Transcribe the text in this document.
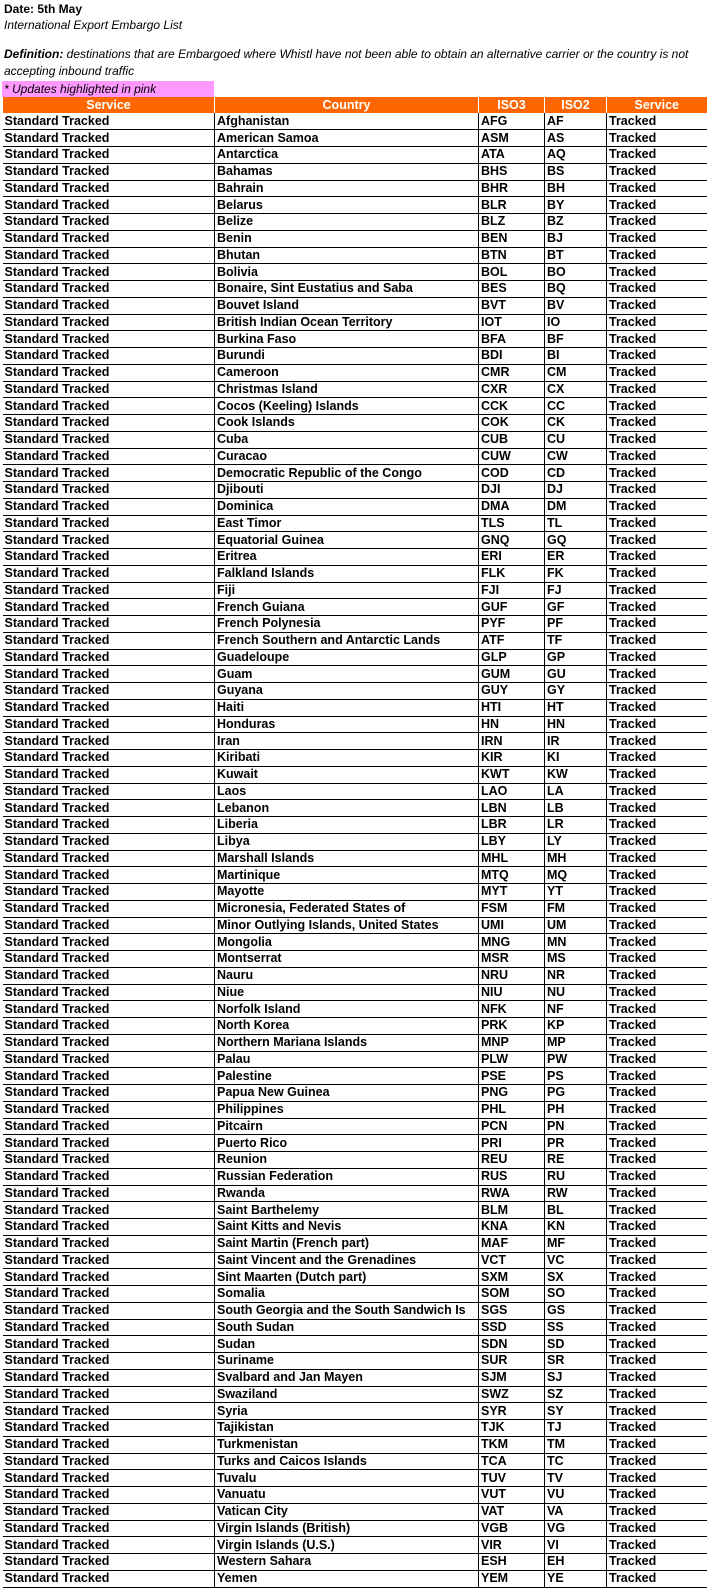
Date: 5th May
International Export Embargo List
Definition: destinations that are Embargoed where Whistl have not been able to obtain an alternative carrier or the country is not accepting inbound traffic
* Updates highlighted in pink
Service	Country	ISO3	ISO2	Service
Standard Tracked	Afghanistan	AFG	AF	Tracked
Standard Tracked	American Samoa	ASM	AS	Tracked
Standard Tracked	Antarctica	ATA	AQ	Tracked
Standard Tracked	Bahamas	BHS	BS	Tracked
Standard Tracked	Bahrain	BHR	BH	Tracked
Standard Tracked	Belarus	BLR	BY	Tracked
Standard Tracked	Belize	BLZ	BZ	Tracked
Standard Tracked	Benin	BEN	BJ	Tracked
Standard Tracked	Bhutan	BTN	BT	Tracked
Standard Tracked	Bolivia	BOL	BO	Tracked
Standard Tracked	Bonaire, Sint Eustatius and Saba	BES	BQ	Tracked
Standard Tracked	Bouvet Island	BVT	BV	Tracked
Standard Tracked	British Indian Ocean Territory	IOT	IO	Tracked
Standard Tracked	Burkina Faso	BFA	BF	Tracked
Standard Tracked	Burundi	BDI	BI	Tracked
Standard Tracked	Cameroon	CMR	CM	Tracked
Standard Tracked	Christmas Island	CXR	CX	Tracked
Standard Tracked	Cocos (Keeling) Islands	CCK	CC	Tracked
Standard Tracked	Cook Islands	COK	CK	Tracked
Standard Tracked	Cuba	CUB	CU	Tracked
Standard Tracked	Curacao	CUW	CW	Tracked
Standard Tracked	Democratic Republic of the Congo	COD	CD	Tracked
Standard Tracked	Djibouti	DJI	DJ	Tracked
Standard Tracked	Dominica	DMA	DM	Tracked
Standard Tracked	East Timor	TLS	TL	Tracked
Standard Tracked	Equatorial Guinea	GNQ	GQ	Tracked
Standard Tracked	Eritrea	ERI	ER	Tracked
Standard Tracked	Falkland Islands	FLK	FK	Tracked
Standard Tracked	Fiji	FJI	FJ	Tracked
Standard Tracked	French Guiana	GUF	GF	Tracked
Standard Tracked	French Polynesia	PYF	PF	Tracked
Standard Tracked	French Southern and Antarctic Lands	ATF	TF	Tracked
Standard Tracked	Guadeloupe	GLP	GP	Tracked
Standard Tracked	Guam	GUM	GU	Tracked
Standard Tracked	Guyana	GUY	GY	Tracked
Standard Tracked	Haiti	HTI	HT	Tracked
Standard Tracked	Honduras	HN	HN	Tracked
Standard Tracked	Iran	IRN	IR	Tracked
Standard Tracked	Kiribati	KIR	KI	Tracked
Standard Tracked	Kuwait	KWT	KW	Tracked
Standard Tracked	Laos	LAO	LA	Tracked
Standard Tracked	Lebanon	LBN	LB	Tracked
Standard Tracked	Liberia	LBR	LR	Tracked
Standard Tracked	Libya	LBY	LY	Tracked
Standard Tracked	Marshall Islands	MHL	MH	Tracked
Standard Tracked	Martinique	MTQ	MQ	Tracked
Standard Tracked	Mayotte	MYT	YT	Tracked
Standard Tracked	Micronesia, Federated States of	FSM	FM	Tracked
Standard Tracked	Minor Outlying Islands, United States	UMI	UM	Tracked
Standard Tracked	Mongolia	MNG	MN	Tracked
Standard Tracked	Montserrat	MSR	MS	Tracked
Standard Tracked	Nauru	NRU	NR	Tracked
Standard Tracked	Niue	NIU	NU	Tracked
Standard Tracked	Norfolk Island	NFK	NF	Tracked
Standard Tracked	North Korea	PRK	KP	Tracked
Standard Tracked	Northern Mariana Islands	MNP	MP	Tracked
Standard Tracked	Palau	PLW	PW	Tracked
Standard Tracked	Palestine	PSE	PS	Tracked
Standard Tracked	Papua New Guinea	PNG	PG	Tracked
Standard Tracked	Philippines	PHL	PH	Tracked
Standard Tracked	Pitcairn	PCN	PN	Tracked
Standard Tracked	Puerto Rico	PRI	PR	Tracked
Standard Tracked	Reunion	REU	RE	Tracked
Standard Tracked	Russian Federation	RUS	RU	Tracked
Standard Tracked	Rwanda	RWA	RW	Tracked
Standard Tracked	Saint Barthelemy	BLM	BL	Tracked
Standard Tracked	Saint Kitts and Nevis	KNA	KN	Tracked
Standard Tracked	Saint Martin (French part)	MAF	MF	Tracked
Standard Tracked	Saint Vincent and the Grenadines	VCT	VC	Tracked
Standard Tracked	Sint Maarten (Dutch part)	SXM	SX	Tracked
Standard Tracked	Somalia	SOM	SO	Tracked
Standard Tracked	South Georgia and the South Sandwich Is	SGS	GS	Tracked
Standard Tracked	South Sudan	SSD	SS	Tracked
Standard Tracked	Sudan	SDN	SD	Tracked
Standard Tracked	Suriname	SUR	SR	Tracked
Standard Tracked	Svalbard and Jan Mayen	SJM	SJ	Tracked
Standard Tracked	Swaziland	SWZ	SZ	Tracked
Standard Tracked	Syria	SYR	SY	Tracked
Standard Tracked	Tajikistan	TJK	TJ	Tracked
Standard Tracked	Turkmenistan	TKM	TM	Tracked
Standard Tracked	Turks and Caicos Islands	TCA	TC	Tracked
Standard Tracked	Tuvalu	TUV	TV	Tracked
Standard Tracked	Vanuatu	VUT	VU	Tracked
Standard Tracked	Vatican City	VAT	VA	Tracked
Standard Tracked	Virgin Islands (British)	VGB	VG	Tracked
Standard Tracked	Virgin Islands (U.S.)	VIR	VI	Tracked
Standard Tracked	Western Sahara	ESH	EH	Tracked
Standard Tracked	Yemen	YEM	YE	Tracked
